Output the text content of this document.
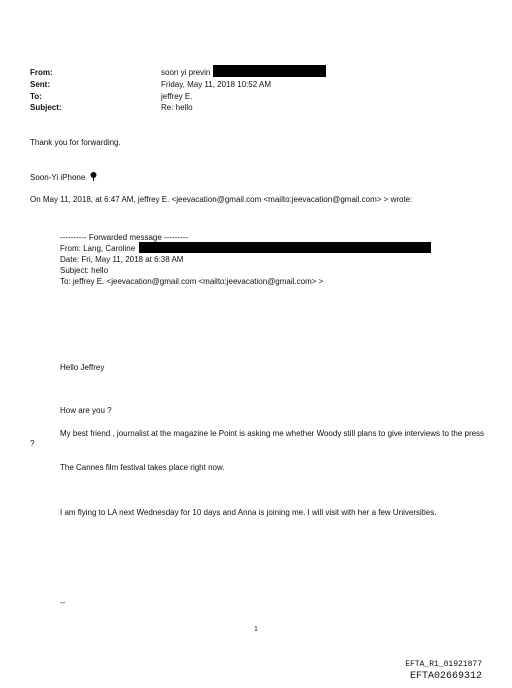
From:	soon yi previn
Sent:	Friday, May 11, 2018 10:52 AM
To:	jeffrey E.
Subject:	Re: hello
Thank you for forwarding.
Soon-Yi iPhone
On May 11, 2018, at 6:47 AM, jeffrey E. <jeevacation@gmail.com <mailto:jeevacation@gmail.com> > wrote:
---------- Forwarded message ---------
From: Lang, Caroline
Date: Fri, May 11, 2018 at 6:38 AM
Subject: hello
To: jeffrey E. <jeevacation@gmail.com <mailto:jeevacation@gmail.com> >
Hello Jeffrey
How are you ?
My best friend , journalist at the magazine le Point is asking me whether Woody still plans to give interviews to the press ?
The Cannes film festival takes place right now.
I am flying to LA next Wednesday for 10 days and Anna is joining me. I will visit with her a few Universities.
--
1
EFTA_R1_01921877
EFTA02669312
